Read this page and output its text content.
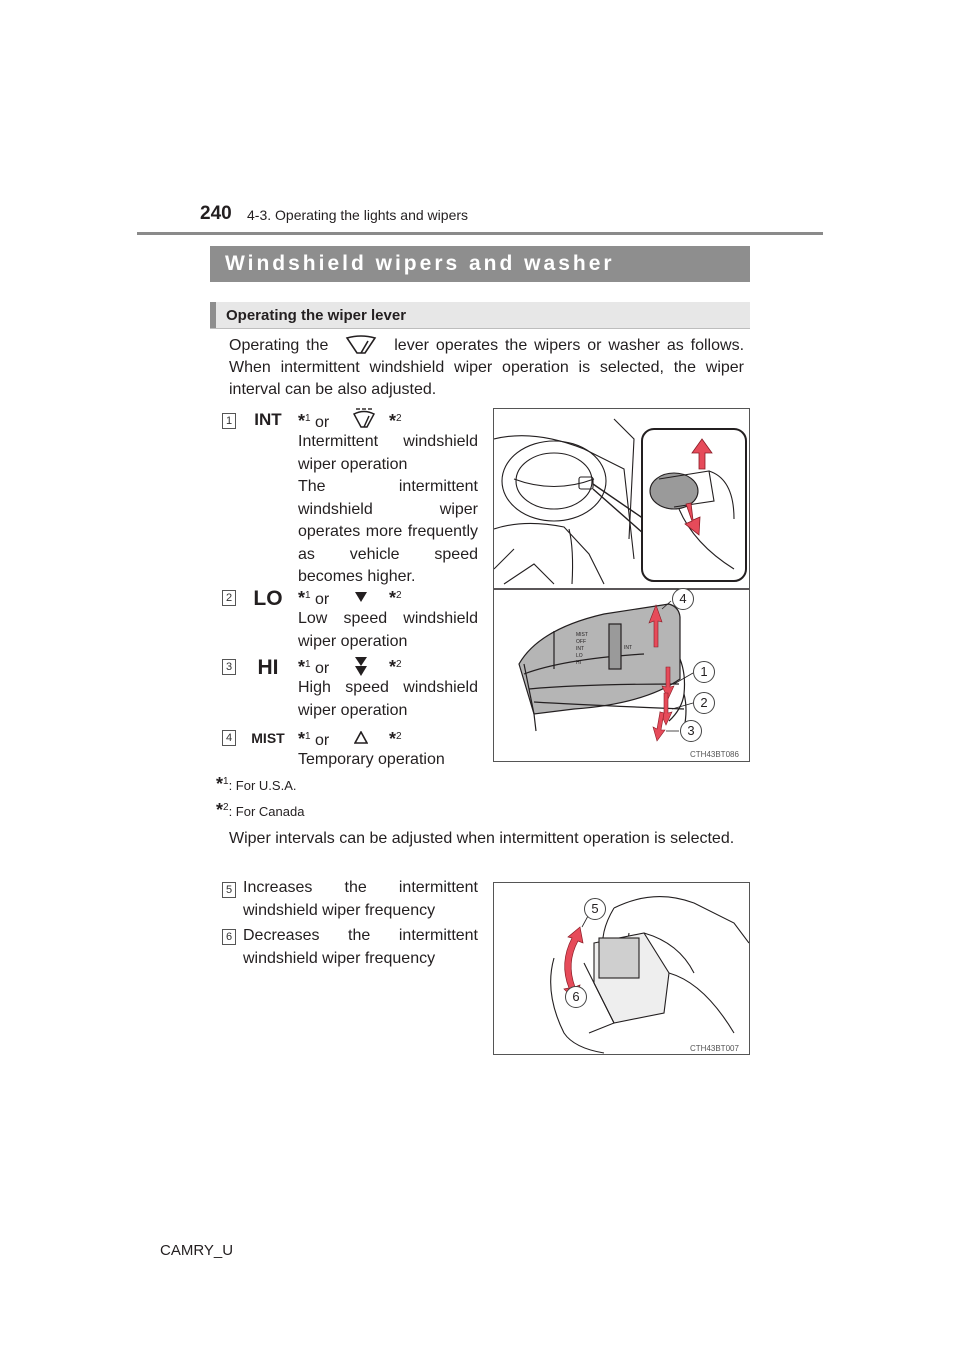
240 4-3. Operating the lights and wipers
Windshield wipers and washer
Operating the wiper lever
Operating the	lever operates the wipers or washer as follows. When intermittent windshield wiper operation is selected, the wiper interval can be also adjusted.
1	INT *$^1$ or	*$^2$
Intermittent windshield wiper operation
The intermittent windshield wiper operates more frequently as vehicle speed becomes higher.
2 LO *$^1$ or	*$^2$
Low speed windshield wiper operation
3	HI	*$^1$ or	*$^2$
High speed windshield wiper operation
4	MIST *$^1$ or	*$^2$
Temporary operation
MIST
OFF
INT
LO
HI
INT
4
1
2
3
CTH43BT086
*$^1$: For U.S.A.
*$^2$: For Canada
Wiper intervals can be adjusted when intermittent operation is selected.
5 Increases the intermittent windshield wiper frequency
6 Decreases the intermittent windshield wiper frequency
5
6
CTH43BT007
CAMRY_U
